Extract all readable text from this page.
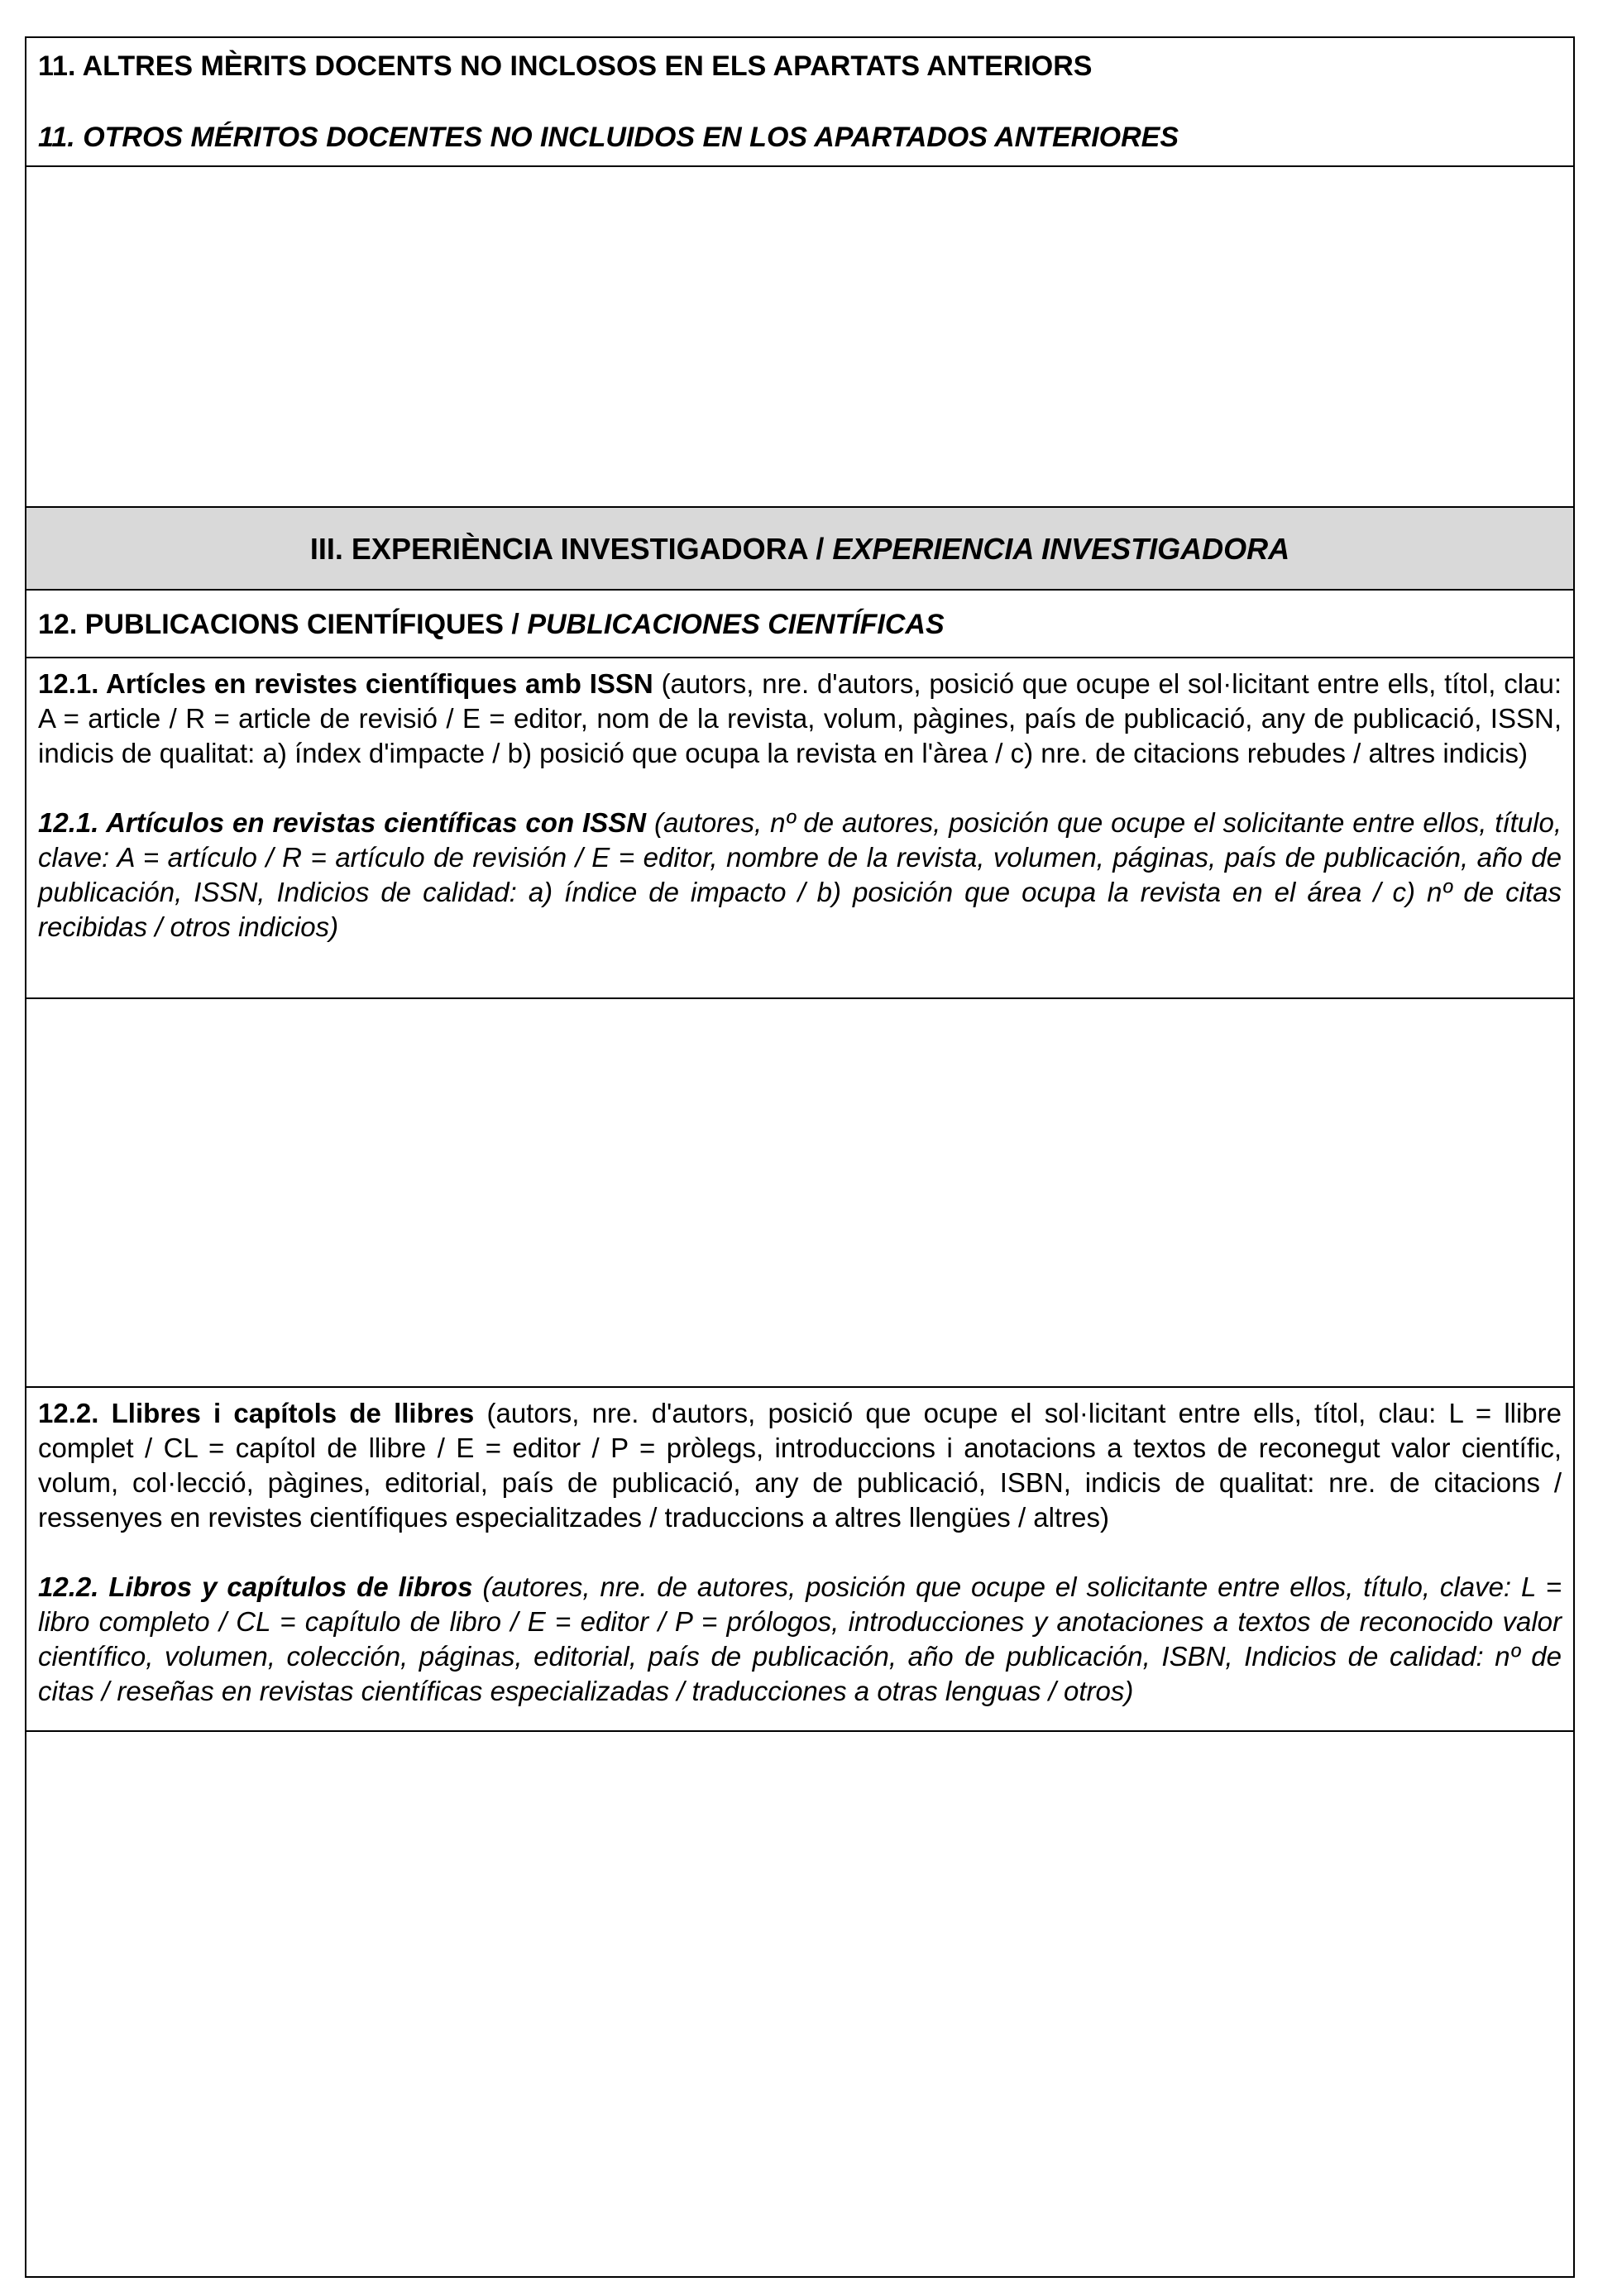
11. ALTRES MÈRITS DOCENTS NO INCLOSOS EN ELS APARTATS ANTERIORS
11. OTROS MÉRITOS DOCENTES NO INCLUIDOS EN LOS APARTADOS ANTERIORES
III. EXPERIÈNCIA INVESTIGADORA / EXPERIENCIA INVESTIGADORA
12. PUBLICACIONS CIENTÍFIQUES / PUBLICACIONES CIENTÍFICAS
12.1. Artícles en revistes científiques amb ISSN (autors, nre. d'autors, posició que ocupe el sol·licitant entre ells, títol, clau: A = article / R = article de revisió / E = editor, nom de la revista, volum, pàgines, país de publicació, any de publicació, ISSN, indicis de qualitat: a) índex d'impacte / b) posició que ocupa la revista en l'àrea / c) nre. de citacions rebudes / altres indicis)
12.1. Artículos en revistas científicas con ISSN (autores, nº de autores, posición que ocupe el solicitante entre ellos, título, clave: A = artículo / R = artículo de revisión / E = editor, nombre de la revista, volumen, páginas, país de publicación, año de publicación, ISSN, Indicios de calidad: a) índice de impacto / b) posición que ocupa la revista en el área / c) nº de citas recibidas / otros indicios)
12.2. Llibres i capítols de llibres (autors, nre. d'autors, posició que ocupe el sol·licitant entre ells, títol, clau: L = llibre complet / CL = capítol de llibre / E = editor / P = pròlegs, introduccions i anotacions a textos de reconegut valor científic, volum, col·lecció, pàgines, editorial, país de publicació, any de publicació, ISBN, indicis de qualitat: nre. de citacions / ressenyes en revistes científiques especialitzades / traduccions a altres llengües / altres)
12.2. Libros y capítulos de libros (autores, nre. de autores, posición que ocupe el solicitante entre ellos, título, clave: L = libro completo / CL = capítulo de libro / E = editor / P = prólogos, introducciones y anotaciones a textos de reconocido valor científico, volumen, colección, páginas, editorial, país de publicación, año de publicación, ISBN, Indicios de calidad: nº de citas / reseñas en revistas científicas especializadas / traducciones a otras lenguas / otros)
